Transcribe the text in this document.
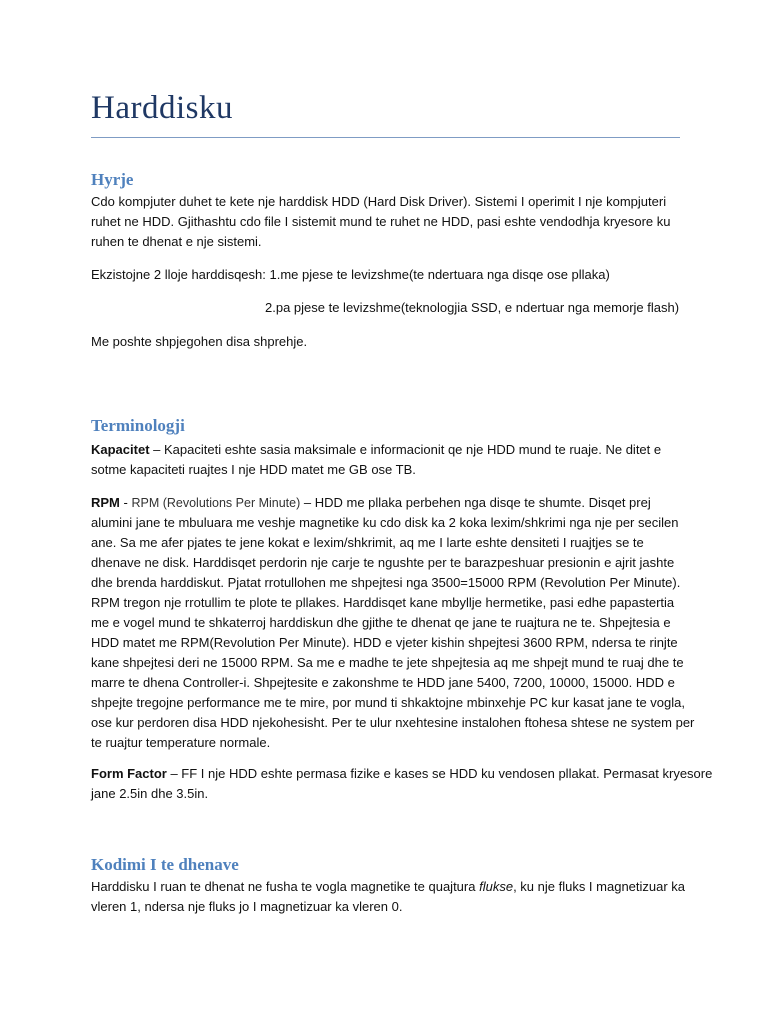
Harddisku
Hyrje
Cdo kompjuter duhet te kete nje harddisk HDD (Hard Disk Driver). Sistemi I operimit I nje kompjuteri
ruhet ne HDD. Gjithashtu cdo file I sistemit mund te ruhet ne HDD, pasi eshte vendodhja kryesore ku
ruhen te dhenat e nje sistemi.
Ekzistojne 2 lloje harddisqesh: 1.me pjese te levizshme(te ndertuara nga disqe ose pllaka)
2.pa pjese te levizshme(teknologjia SSD, e ndertuar nga memorje flash)
Me poshte shpjegohen disa shprehje.
Terminologji
Kapacitet – Kapaciteti eshte sasia maksimale e informacionit qe nje HDD mund te ruaje. Ne ditet e
sotme kapaciteti ruajtes I nje HDD matet me GB ose TB.
RPM - RPM (Revolutions Per Minute) – HDD me pllaka perbehen nga disqe te shumte. Disqet prej
alumini jane te mbuluara me veshje magnetike ku cdo disk ka 2 koka lexim/shkrimi nga nje per secilen
ane. Sa me afer pjates te jene kokat e lexim/shkrimit, aq me I larte eshte densiteti I ruajtjes se te
dhenave ne disk. Harddisqet perdorin nje carje te ngushte per te barazpeshuar presionin e ajrit jashte
dhe brenda harddiskut. Pjatat rrotullohen me shpejtesi nga 3500=15000 RPM (Revolution Per Minute).
RPM tregon nje rrotullim te plote te pllakes. Harddisqet kane mbyllje hermetike, pasi edhe papastertia
me e vogel mund te shkaterroj harddiskun dhe gjithe te dhenat qe jane te ruajtura ne te. Shpejtesia e
HDD matet me RPM(Revolution Per Minute). HDD e vjeter kishin shpejtesi 3600 RPM, ndersa te rinjte
kane shpejtesi deri ne 15000 RPM. Sa me e madhe te jete shpejtesia aq me shpejt mund te ruaj dhe te
marre te dhena Controller-i. Shpejtesite e zakonshme te HDD jane 5400, 7200, 10000, 15000. HDD e
shpejte tregojne performance me te mire, por mund ti shkaktojne mbinxehje PC kur kasat jane te vogla,
ose kur perdoren disa HDD njekohesisht. Per te ulur nxehtesine instalohen ftohesa shtese ne system per
te ruajtur temperature normale.
Form Factor – FF I nje HDD eshte permasa fizike e kases se HDD ku vendosen pllakat. Permasat kryesore
jane 2.5in dhe 3.5in.
Kodimi I te dhenave
Harddisku I ruan te dhenat ne fusha te vogla magnetike te quajtura flukse, ku nje fluks I magnetizuar ka
vleren 1, ndersa nje fluks jo I magnetizuar ka vleren 0.
